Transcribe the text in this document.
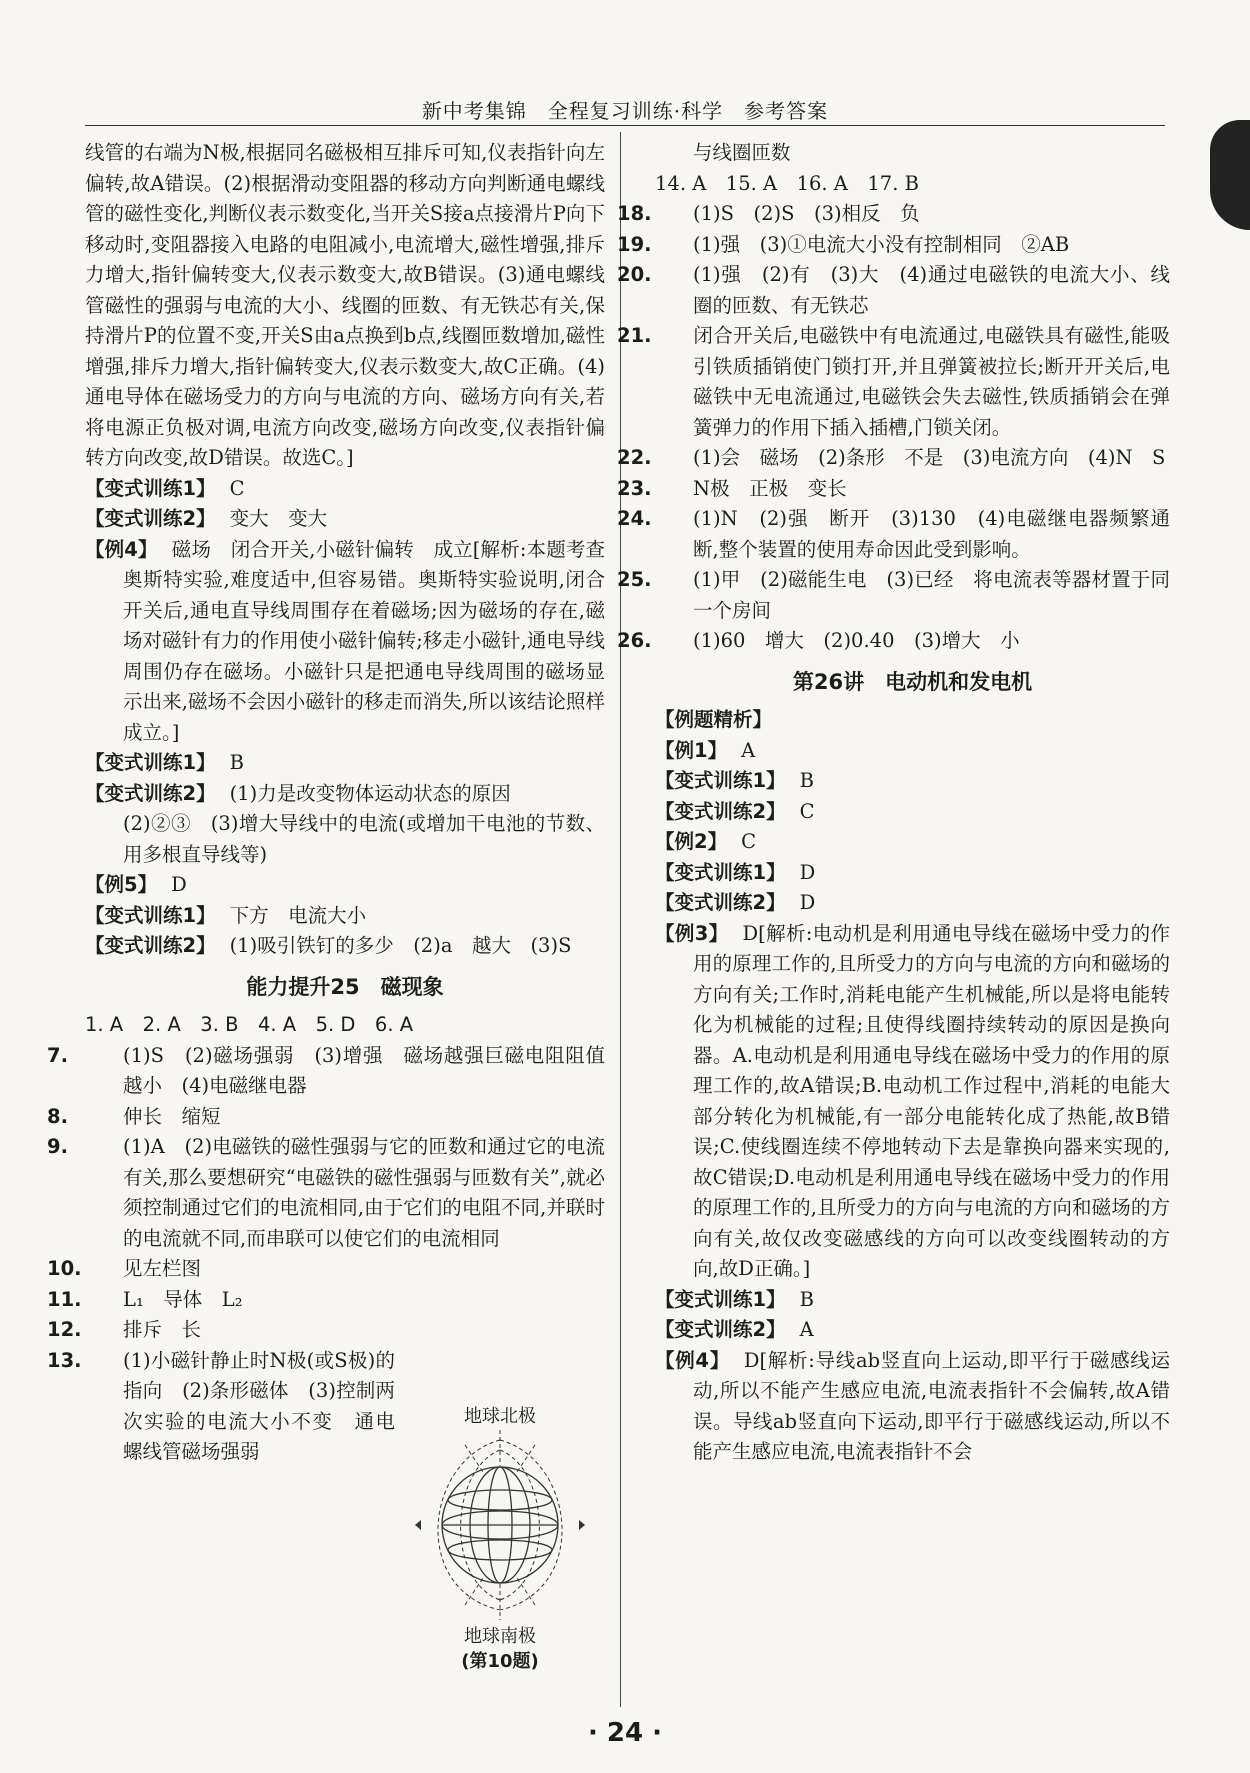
新中考集锦　全程复习训练·科学　参考答案

线管的右端为N极,根据同名磁极相互排斥可知,仪表指针向左偏转,故A错误。(2)根据滑动变阻器的移动方向判断通电螺线管的磁性变化,判断仪表示数变化,当开关S接a点接滑片P向下移动时,变阻器接入电路的电阻减小,电流增大,磁性增强,排斥力增大,指针偏转变大,仪表示数变大,故B错误。(3)通电螺线管磁性的强弱与电流的大小、线圈的匝数、有无铁芯有关,保持滑片P的位置不变,开关S由a点换到b点,线圈匝数增加,磁性增强,排斥力增大,指针偏转变大,仪表示数变大,故C正确。(4)通电导体在磁场受力的方向与电流的方向、磁场方向有关,若将电源正负极对调,电流方向改变,磁场方向改变,仪表指针偏转方向改变,故D错误。故选C。]

【变式训练1】 C

【变式训练2】 变大　变大

【例4】 磁场　闭合开关,小磁针偏转　成立[解析:本题考查奥斯特实验,难度适中,但容易错。奥斯特实验说明,闭合开关后,通电直导线周围存在着磁场;因为磁场的存在,磁场对磁针有力的作用使小磁针偏转;移走小磁针,通电导线周围仍存在磁场。小磁针只是把通电导线周围的磁场显示出来,磁场不会因小磁针的移走而消失,所以该结论照样成立。]

【变式训练1】 B

【变式训练2】 (1)力是改变物体运动状态的原因

(2)②③　(3)增大导线中的电流(或增加干电池的节数、用多根直导线等)

【例5】 D

【变式训练1】 下方　电流大小

【变式训练2】 (1)吸引铁钉的多少　(2)a　越大　(3)S

能力提升25　磁现象

1. A　2. A　3. B　4. A　5. D　6. A

7.	(1)S　(2)磁场强弱　(3)增强　磁场越强巨磁电阻阻值越小　(4)电磁继电器

8.	伸长　缩短

9.	(1)A　(2)电磁铁的磁性强弱与它的匝数和通过它的电流有关,那么要想研究“电磁铁的磁性强弱与匝数有关”,就必须控制通过它们的电流相同,由于它们的电阻不同,并联时的电流就不同,而串联可以使它们的电流相同

10. 见左栏图

11. L₁　导体　L₂

12. 排斥　长

13. (1)小磁针静止时N极(或S极)的指向　(2)条形磁体　(3)控制两次实验的电流大小不变　通电螺线管磁场强弱

地球北极
地球南极
(第10题)

与线圈匝数

14. A　15. A　16. A　17. B

18. (1)S　(2)S　(3)相反　负

19. (1)强　(3)①电流大小没有控制相同　②AB

20. (1)强　(2)有　(3)大　(4)通过电磁铁的电流大小、线圈的匝数、有无铁芯

21. 闭合开关后,电磁铁中有电流通过,电磁铁具有磁性,能吸引铁质插销使门锁打开,并且弹簧被拉长;断开开关后,电磁铁中无电流通过,电磁铁会失去磁性,铁质插销会在弹簧弹力的作用下插入插槽,门锁关闭。

22. (1)会　磁场　(2)条形　不是　(3)电流方向　(4)N　S

23. N极　正极　变长

24. (1)N　(2)强　断开　(3)130　(4)电磁继电器频繁通断,整个装置的使用寿命因此受到影响。

25. (1)甲　(2)磁能生电　(3)已经　将电流表等器材置于同一个房间

26. (1)60　增大　(2)0.40　(3)增大　小

第26讲　电动机和发电机

【例题精析】

【例1】 A

【变式训练1】 B

【变式训练2】 C

【例2】 C

【变式训练1】 D

【变式训练2】 D

【例3】 D[解析:电动机是利用通电导线在磁场中受力的作用的原理工作的,且所受力的方向与电流的方向和磁场的方向有关;工作时,消耗电能产生机械能,所以是将电能转化为机械能的过程;且使得线圈持续转动的原因是换向器。A.电动机是利用通电导线在磁场中受力的作用的原理工作的,故A错误;B.电动机工作过程中,消耗的电能大部分转化为机械能,有一部分电能转化成了热能,故B错误;C.使线圈连续不停地转动下去是靠换向器来实现的,故C错误;D.电动机是利用通电导线在磁场中受力的作用的原理工作的,且所受力的方向与电流的方向和磁场的方向有关,故仅改变磁感线的方向可以改变线圈转动的方向,故D正确。]

【变式训练1】 B

【变式训练2】 A

【例4】 D[解析:导线ab竖直向上运动,即平行于磁感线运动,所以不能产生感应电流,电流表指针不会偏转,故A错误。导线ab竖直向下运动,即平行于磁感线运动,所以不能产生感应电流,电流表指针不会

· 24 ·
